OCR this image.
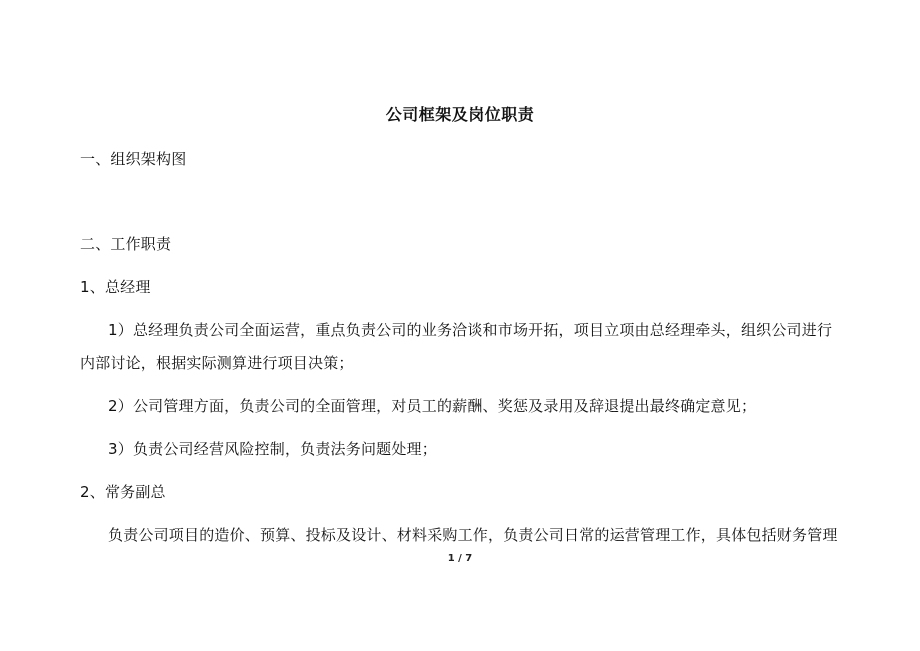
公司框架及岗位职责
一、组织架构图
二、工作职责
1、总经理
1）总经理负责公司全面运营，重点负责公司的业务洽谈和市场开拓，项目立项由总经理牵头，组织公司进行
内部讨论，根据实际测算进行项目决策；
2）公司管理方面，负责公司的全面管理，对员工的薪酬、奖惩及录用及辞退提出最终确定意见；
3）负责公司经营风险控制，负责法务问题处理；
2、常务副总
负责公司项目的造价、预算、投标及设计、材料采购工作，负责公司日常的运营管理工作，具体包括财务管理
1 / 7
